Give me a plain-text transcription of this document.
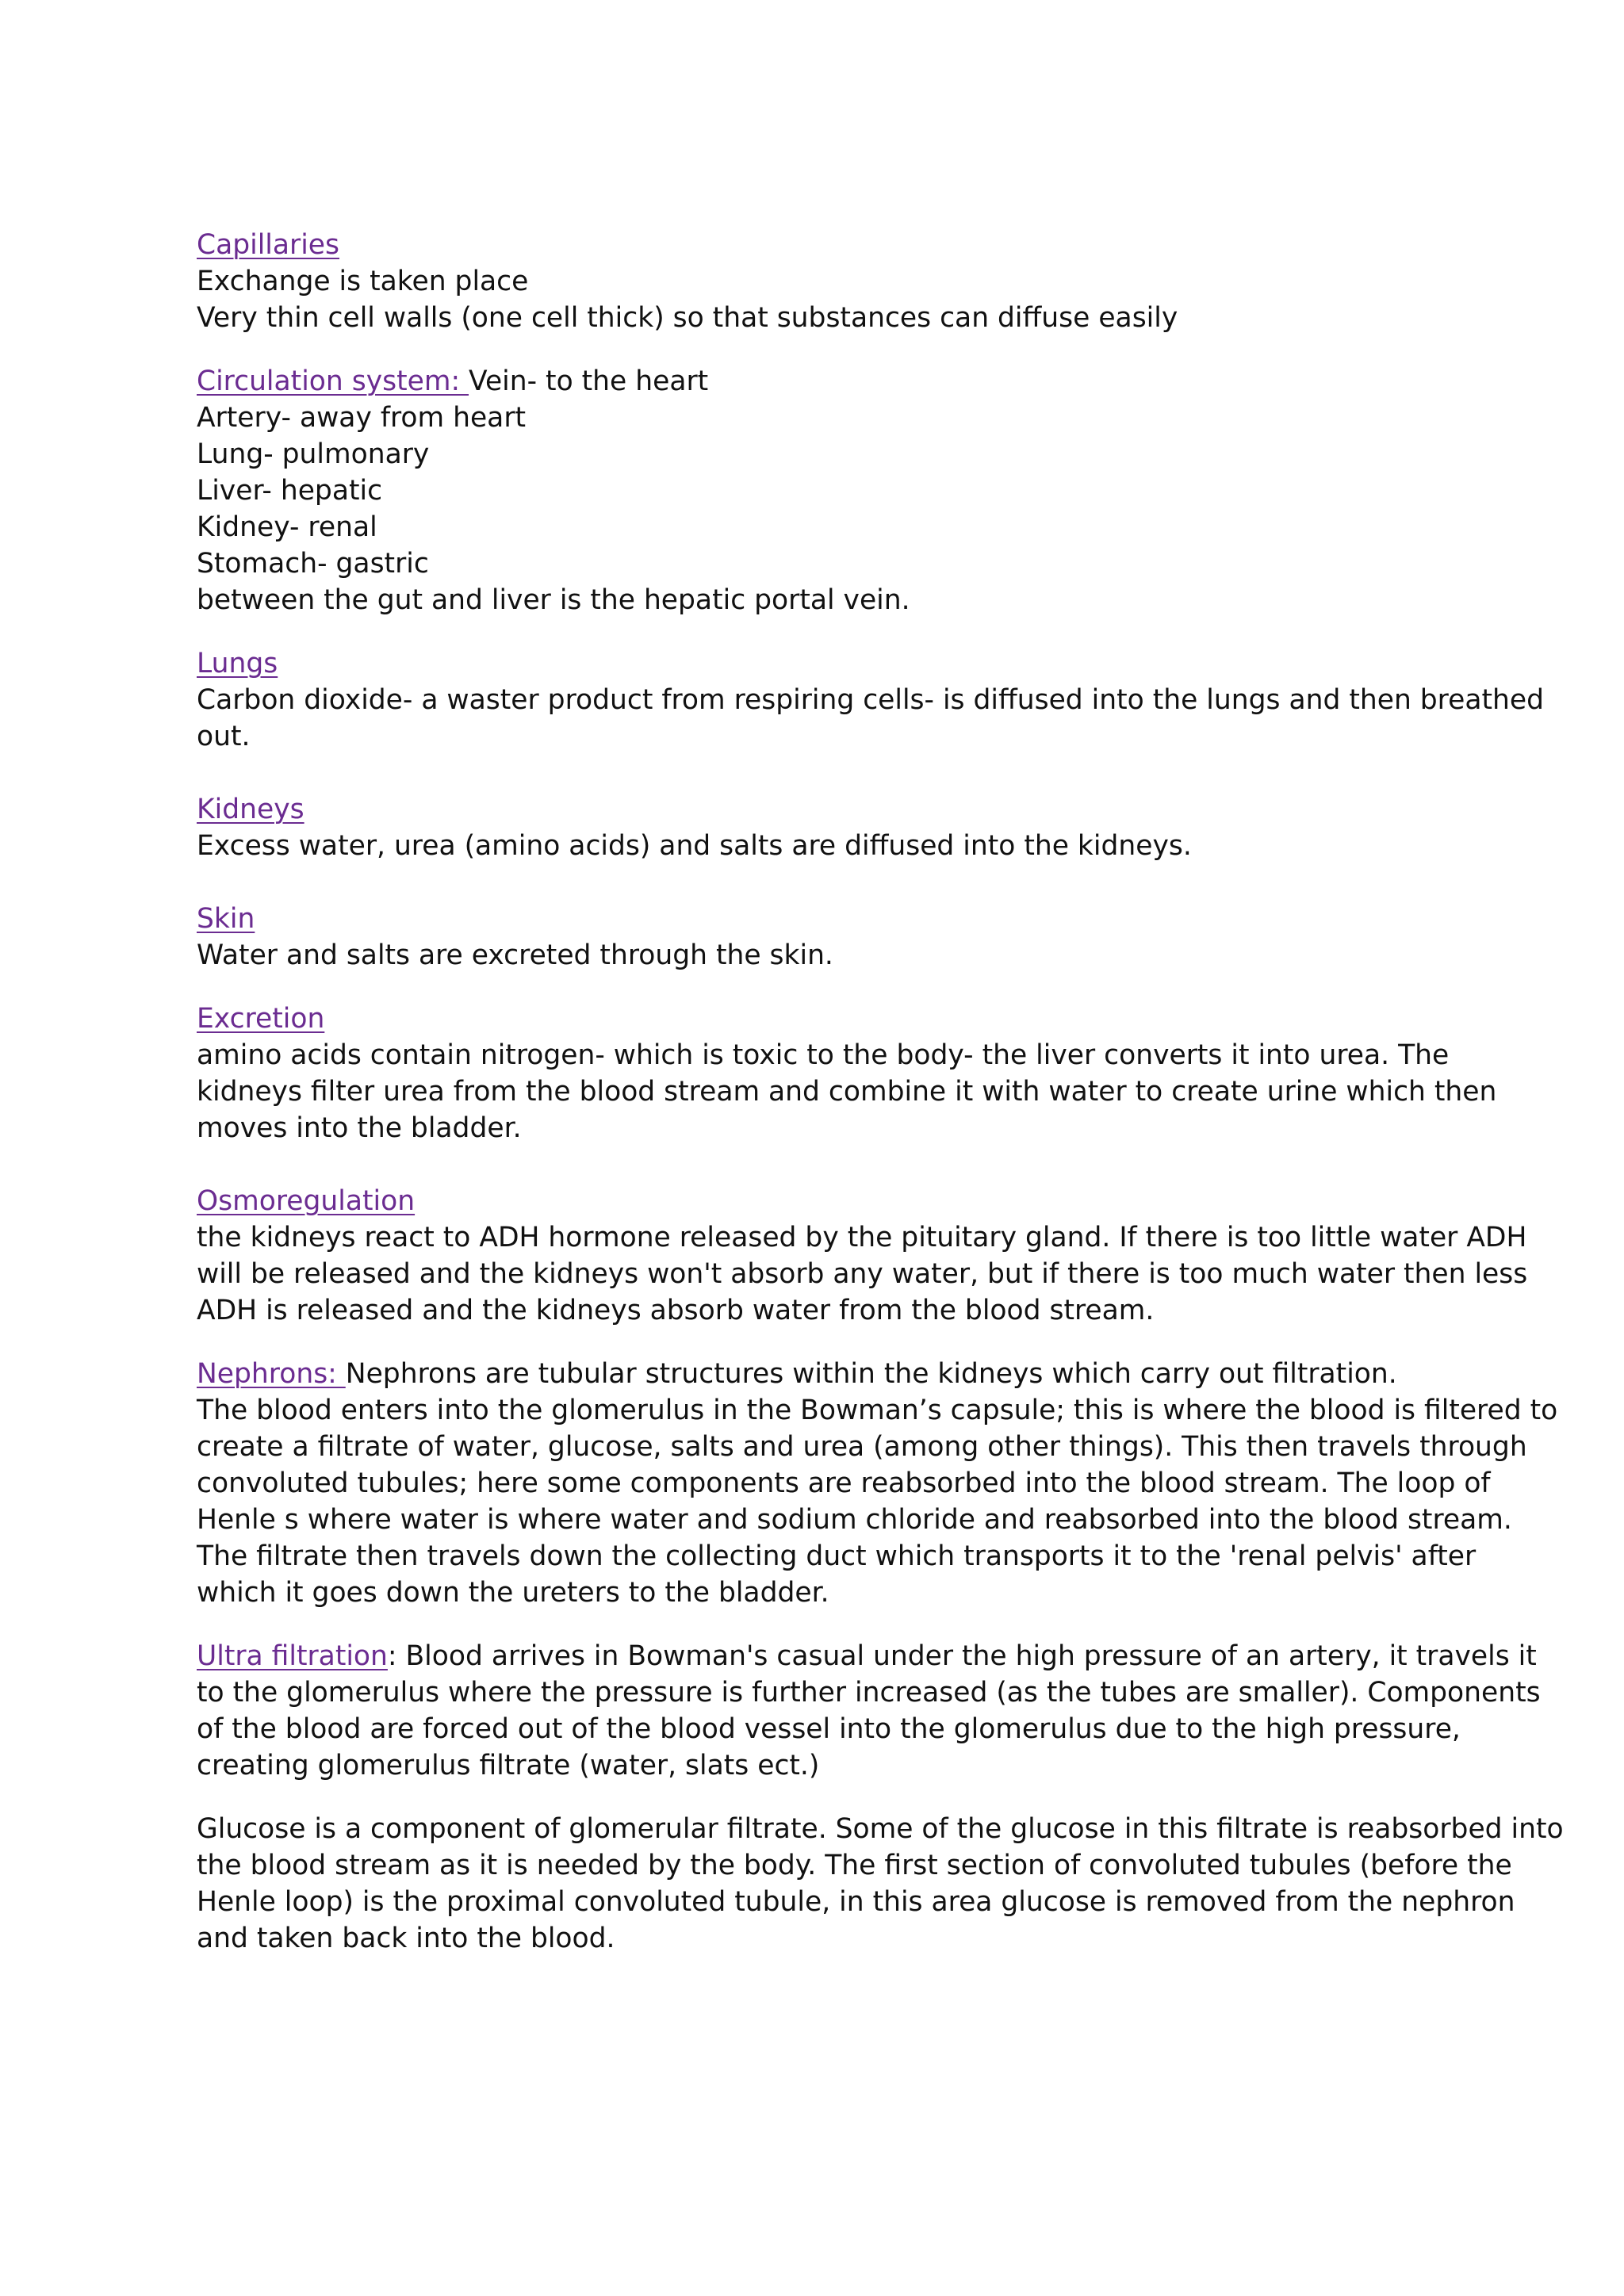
Capillaries
Exchange is taken place
Very thin cell walls (one cell thick) so that substances can diffuse easily
Circulation system: Vein- to the heart
Artery- away from heart
Lung- pulmonary
Liver- hepatic
Kidney- renal
Stomach- gastric
between the gut and liver is the hepatic portal vein.
Lungs
Carbon dioxide- a waster product from respiring cells- is diffused into the lungs and then breathed
out.
Kidneys
Excess water, urea (amino acids) and salts are diffused into the kidneys.
Skin
Water and salts are excreted through the skin.
Excretion
amino acids contain nitrogen- which is toxic to the body- the liver converts it into urea. The
kidneys filter urea from the blood stream and combine it with water to create urine which then
moves into the bladder.
Osmoregulation
the kidneys react to ADH hormone released by the pituitary gland. If there is too little water ADH
will be released and the kidneys won't absorb any water, but if there is too much water then less
ADH is released and the kidneys absorb water from the blood stream.
Nephrons: Nephrons are tubular structures within the kidneys which carry out filtration.
The blood enters into the glomerulus in the Bowman’s capsule; this is where the blood is filtered to
create a filtrate of water, glucose, salts and urea (among other things). This then travels through
convoluted tubules; here some components are reabsorbed into the blood stream. The loop of
Henle s where water is where water and sodium chloride and reabsorbed into the blood stream.
The filtrate then travels down the collecting duct which transports it to the 'renal pelvis' after
which it goes down the ureters to the bladder.
Ultra filtration: Blood arrives in Bowman's casual under the high pressure of an artery, it travels it
to the glomerulus where the pressure is further increased (as the tubes are smaller). Components
of the blood are forced out of the blood vessel into the glomerulus due to the high pressure,
creating glomerulus filtrate (water, slats ect.)
Glucose is a component of glomerular filtrate. Some of the glucose in this filtrate is reabsorbed into
the blood stream as it is needed by the body. The first section of convoluted tubules (before the
Henle loop) is the proximal convoluted tubule, in this area glucose is removed from the nephron
and taken back into the blood.
